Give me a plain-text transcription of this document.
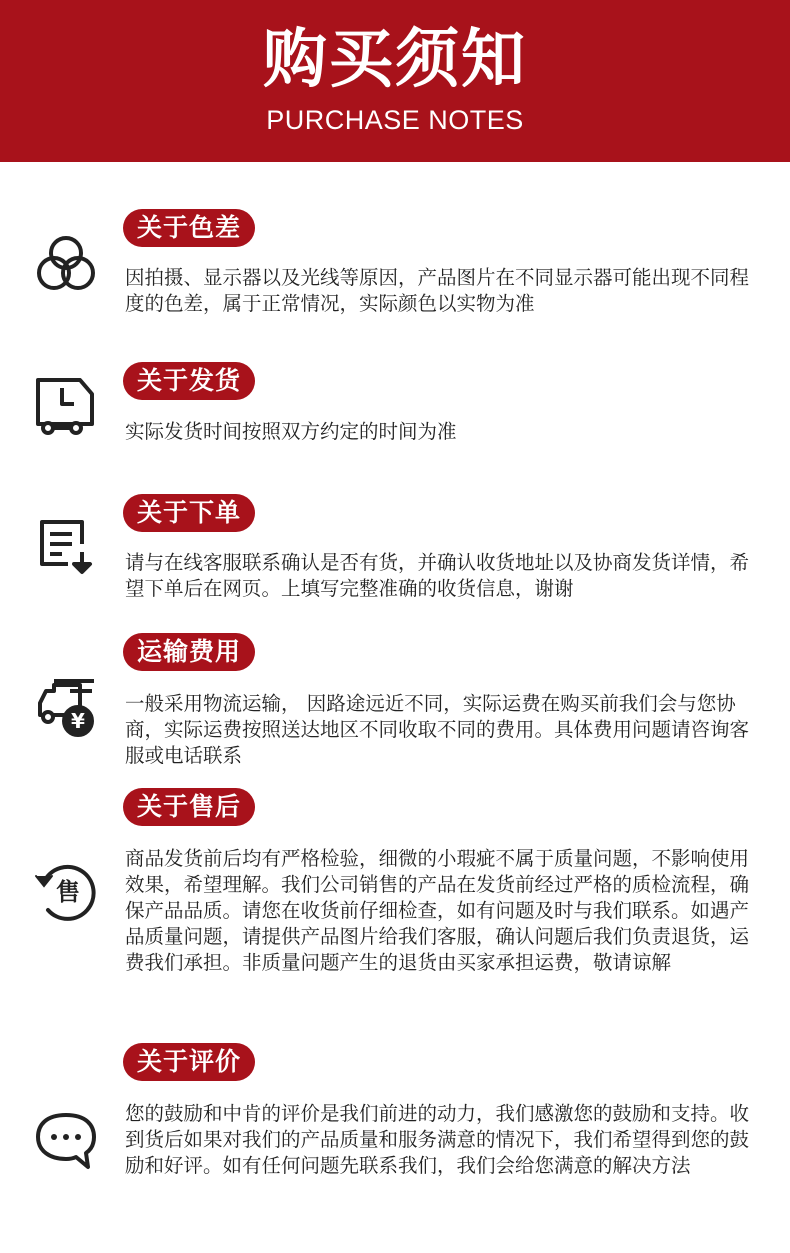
购买须知
PURCHASE NOTES
关于色差
因拍摄、显示器以及光线等原因，产品图片在不同显示器可能出现不同程度的色差，属于正常情况，实际颜色以实物为准
关于发货
实际发货时间按照双方约定的时间为准
关于下单
请与在线客服联系确认是否有货，并确认收货地址以及协商发货详情，希望下单后在网页。上填写完整准确的收货信息，谢谢
运输费用
¥
一般采用物流运输， 因路途远近不同，实际运费在购买前我们会与您协商，实际运费按照送达地区不同收取不同的费用。具体费用问题请咨询客服或电话联系
关于售后
售
商品发货前后均有严格检验，细微的小瑕疵不属于质量问题，不影响使用效果，希望理解。我们公司销售的产品在发货前经过严格的质检流程，确保产品品质。请您在收货前仔细检查，如有问题及时与我们联系。如遇产品质量问题，请提供产品图片给我们客服，确认问题后我们负责退货，运费我们承担。非质量问题产生的退货由买家承担运费，敬请谅解
关于评价
您的鼓励和中肯的评价是我们前进的动力，我们感激您的鼓励和支持。收到货后如果对我们的产品质量和服务满意的情况下，我们希望得到您的鼓励和好评。如有任何问题先联系我们，我们会给您满意的解决方法
